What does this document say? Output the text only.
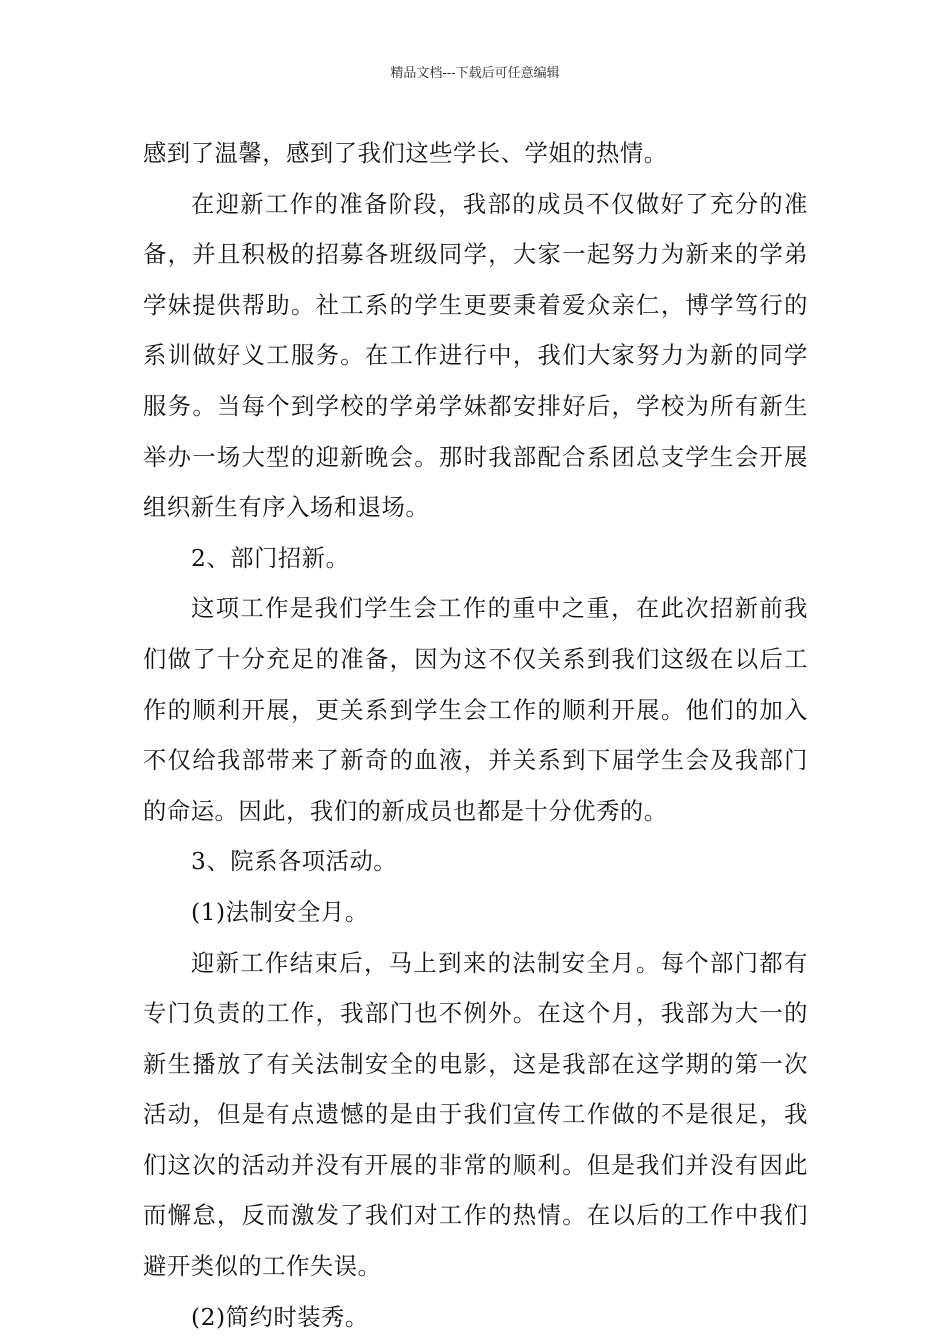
精品文档---下载后可任意编辑

感到了温馨，感到了我们这些学长、学姐的热情。

在迎新工作的准备阶段，我部的成员不仅做好了充分的准备，并且积极的招募各班级同学，大家一起努力为新来的学弟学妹提供帮助。社工系的学生更要秉着爱众亲仁，博学笃行的系训做好义工服务。在工作进行中，我们大家努力为新的同学服务。当每个到学校的学弟学妹都安排好后，学校为所有新生举办一场大型的迎新晚会。那时我部配合系团总支学生会开展组织新生有序入场和退场。

2、部门招新。

这项工作是我们学生会工作的重中之重，在此次招新前我们做了十分充足的准备，因为这不仅关系到我们这级在以后工作的顺利开展，更关系到学生会工作的顺利开展。他们的加入不仅给我部带来了新奇的血液，并关系到下届学生会及我部门的命运。因此，我们的新成员也都是十分优秀的。

3、院系各项活动。

(1)法制安全月。

迎新工作结束后，马上到来的法制安全月。每个部门都有专门负责的工作，我部门也不例外。在这个月，我部为大一的新生播放了有关法制安全的电影，这是我部在这学期的第一次活动，但是有点遗憾的是由于我们宣传工作做的不是很足，我们这次的活动并没有开展的非常的顺利。但是我们并没有因此而懈怠，反而激发了我们对工作的热情。在以后的工作中我们避开类似的工作失误。

(2)简约时装秀。
